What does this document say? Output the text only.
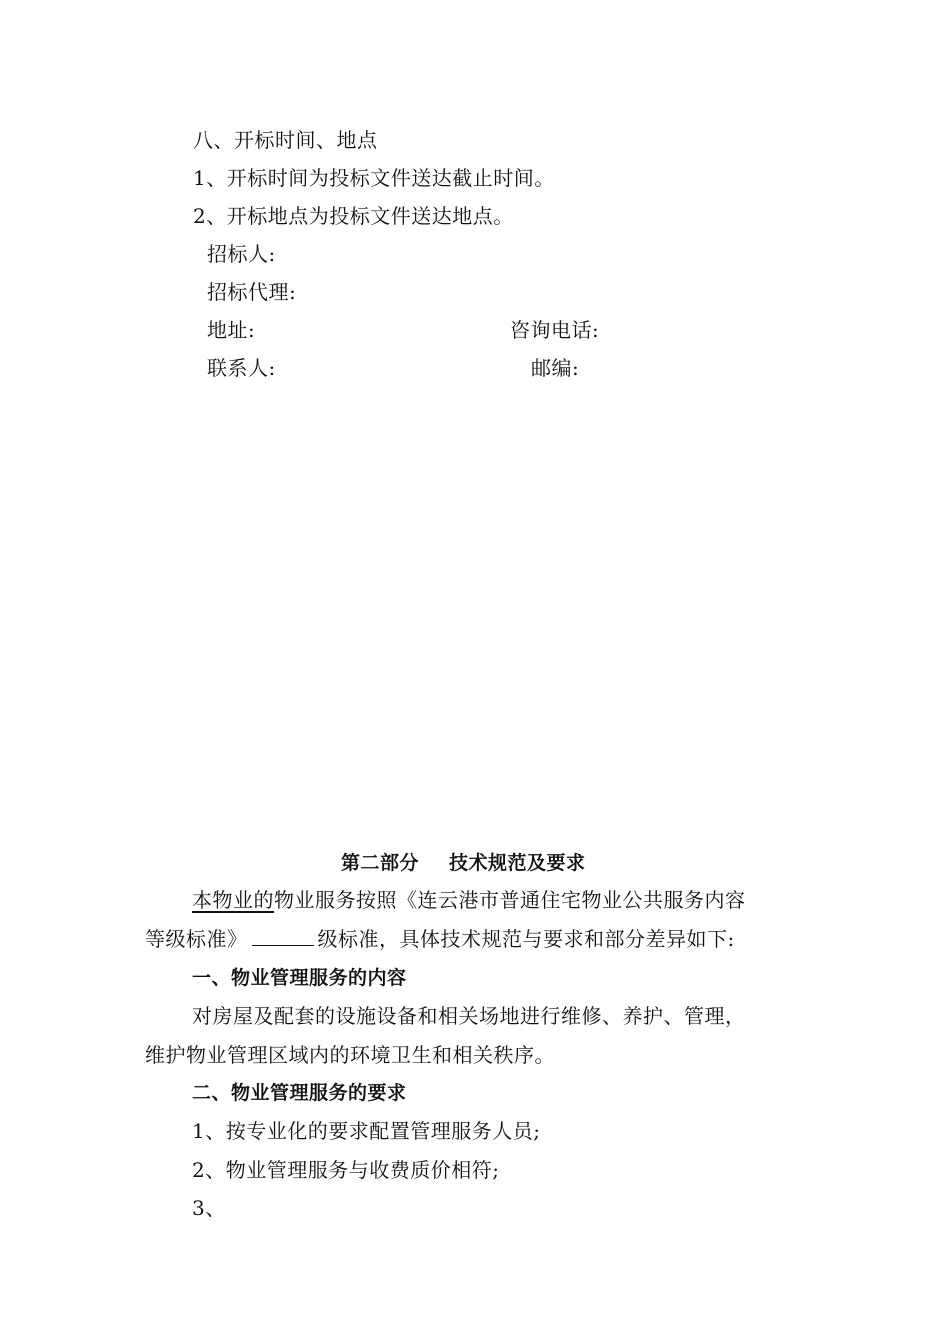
八、开标时间、地点
1、开标时间为投标文件送达截止时间。
2、开标地点为投标文件送达地点。
招标人:
招标代理:
地址:	咨询电话:
联系人:	邮编:
第二部分 技术规范及要求
本物业的物业服务按照《连云港市普通住宅物业公共服务内容
等级标准》	级标准，具体技术规范与要求和部分差异如下:
一、物业管理服务的内容
对房屋及配套的设施设备和相关场地进行维修、养护、管理，
维护物业管理区域内的环境卫生和相关秩序。
二、物业管理服务的要求
1、按专业化的要求配置管理服务人员;
2、物业管理服务与收费质价相符;
3、
